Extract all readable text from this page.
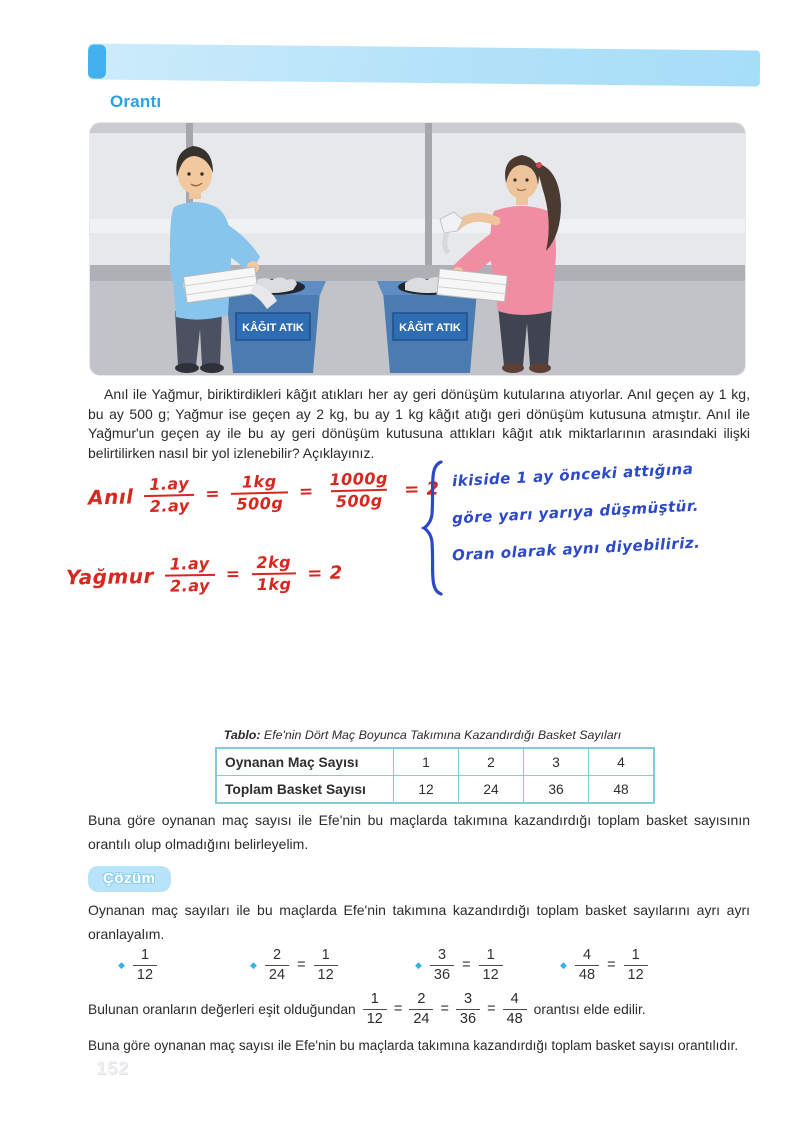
Orantı
KÂĞIT ATIK	KÂĞIT ATIK
Anıl ile Yağmur, biriktirdikleri kâğıt atıkları her ay geri dönüşüm kutularına atıyorlar. Anıl geçen ay 1 kg, bu ay 500 g; Yağmur ise geçen ay 2 kg, bu ay 1 kg kâğıt atığı geri dönüşüm kutusuna atmıştır. Anıl ile Yağmur'un geçen ay ile bu ay geri dönüşüm kutusuna attıkları kâğıt atık miktarlarının arasındaki ilişki belirtilirken nasıl bir yol izlenebilir? Açıklayınız.
Anıl $\frac{1.ay}{2.ay} = \frac{1kg}{500g} = \frac{1000g}{500g} = 2$
Yağmur $\frac{1.ay}{2.ay} = \frac{2kg}{1kg} = 2$
ikiside 1 ay önceki attığına
göre yarı yarıya düşmüştür.
Oran olarak aynı diyebiliriz.
Tablo: Efe'nin Dört Maç Boyunca Takımına Kazandırdığı Basket Sayıları
Oynanan Maç Sayısı	1	2	3	4
Toplam Basket Sayısı	12	24	36	48
Buna göre oynanan maç sayısı ile Efe'nin bu maçlarda takımına kazandırdığı toplam basket sayısının orantılı olup olmadığını belirleyelim.
Çözüm
Oynanan maç sayıları ile bu maçlarda Efe'nin takımına kazandırdığı toplam basket sayılarını ayrı ayrı oranlayalım.
◆ $\frac{1}{12}$	◆ $\frac{2}{24} = \frac{1}{12}$	◆ $\frac{3}{36} = \frac{1}{12}$	◆ $\frac{4}{48} = \frac{1}{12}$
Bulunan oranların değerleri eşit olduğundan $\frac{1}{12} = \frac{2}{24} = \frac{3}{36} = \frac{4}{48}$ orantısı elde edilir.
Buna göre oynanan maç sayısı ile Efe'nin bu maçlarda takımına kazandırdığı toplam basket sayısı orantılıdır.
152
